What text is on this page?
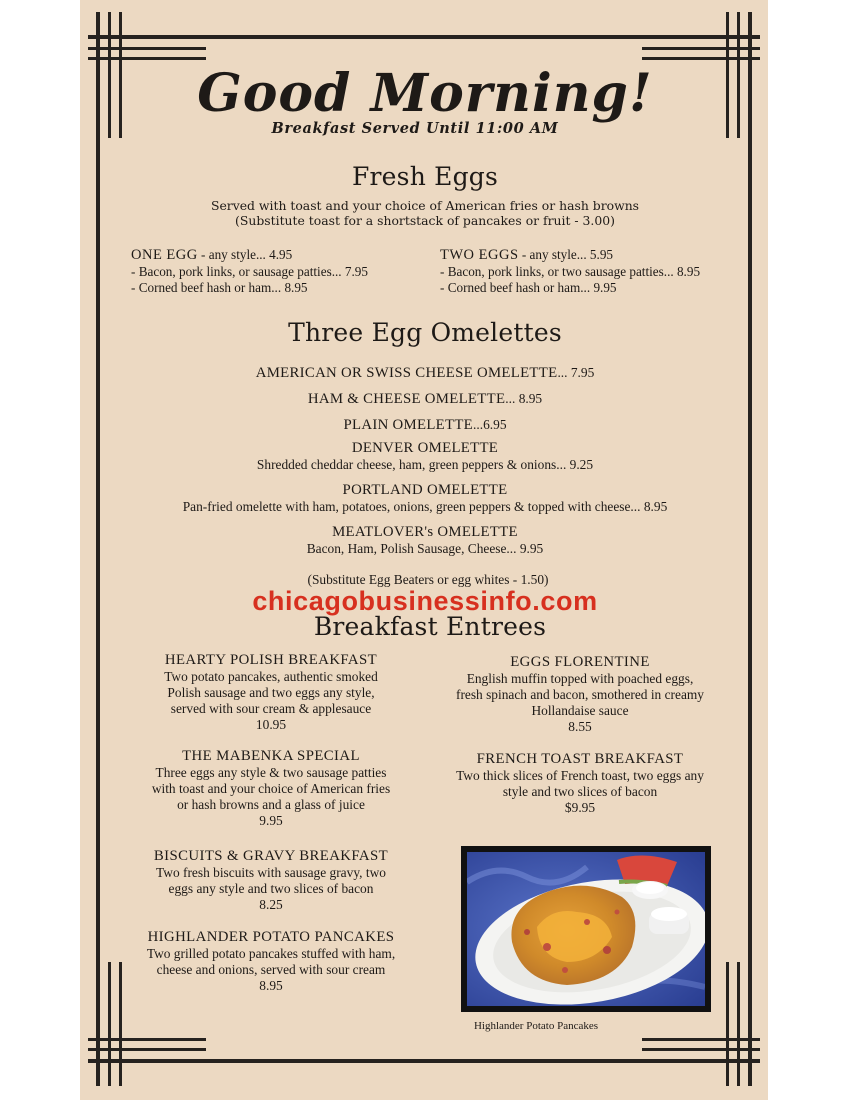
Good Morning!
Breakfast Served Until 11:00 AM
Fresh Eggs
Served with toast and your choice of American fries or hash browns
(Substitute toast for a shortstack of pancakes or fruit - 3.00)
ONE EGG - any style... 4.95
- Bacon, pork links, or sausage patties... 7.95
- Corned beef hash or ham... 8.95
TWO EGGS - any style... 5.95
- Bacon, pork links, or two sausage patties... 8.95
- Corned beef hash or ham... 9.95
Three Egg Omelettes
AMERICAN OR SWISS CHEESE OMELETTE... 7.95
HAM & CHEESE OMELETTE... 8.95
PLAIN OMELETTE...6.95
DENVER OMELETTE
Shredded cheddar cheese, ham, green peppers & onions... 9.25
PORTLAND OMELETTE
Pan-fried omelette with ham, potatoes, onions, green peppers & topped with cheese... 8.95
MEATLOVER's OMELETTE
Bacon, Ham, Polish Sausage, Cheese... 9.95
(Substitute Egg Beaters or egg whites - 1.50)
chicagobusinessinfo.com
Breakfast Entrees
HEARTY POLISH BREAKFAST
Two potato pancakes, authentic smoked
Polish sausage and two eggs any style,
served with sour cream & applesauce
10.95
THE MABENKA SPECIAL
Three eggs any style & two sausage patties
with toast and your choice of American fries
or hash browns and a glass of juice
9.95
BISCUITS & GRAVY BREAKFAST
Two fresh biscuits with sausage gravy, two
eggs any style and two slices of bacon
8.25
HIGHLANDER POTATO PANCAKES
Two grilled potato pancakes stuffed with ham,
cheese and onions, served with sour cream
8.95
EGGS FLORENTINE
English muffin topped with poached eggs,
fresh spinach and bacon, smothered in creamy
Hollandaise sauce
8.55
FRENCH TOAST BREAKFAST
Two thick slices of French toast, two eggs any
style and two slices of bacon
$9.95
Highlander Potato Pancakes
